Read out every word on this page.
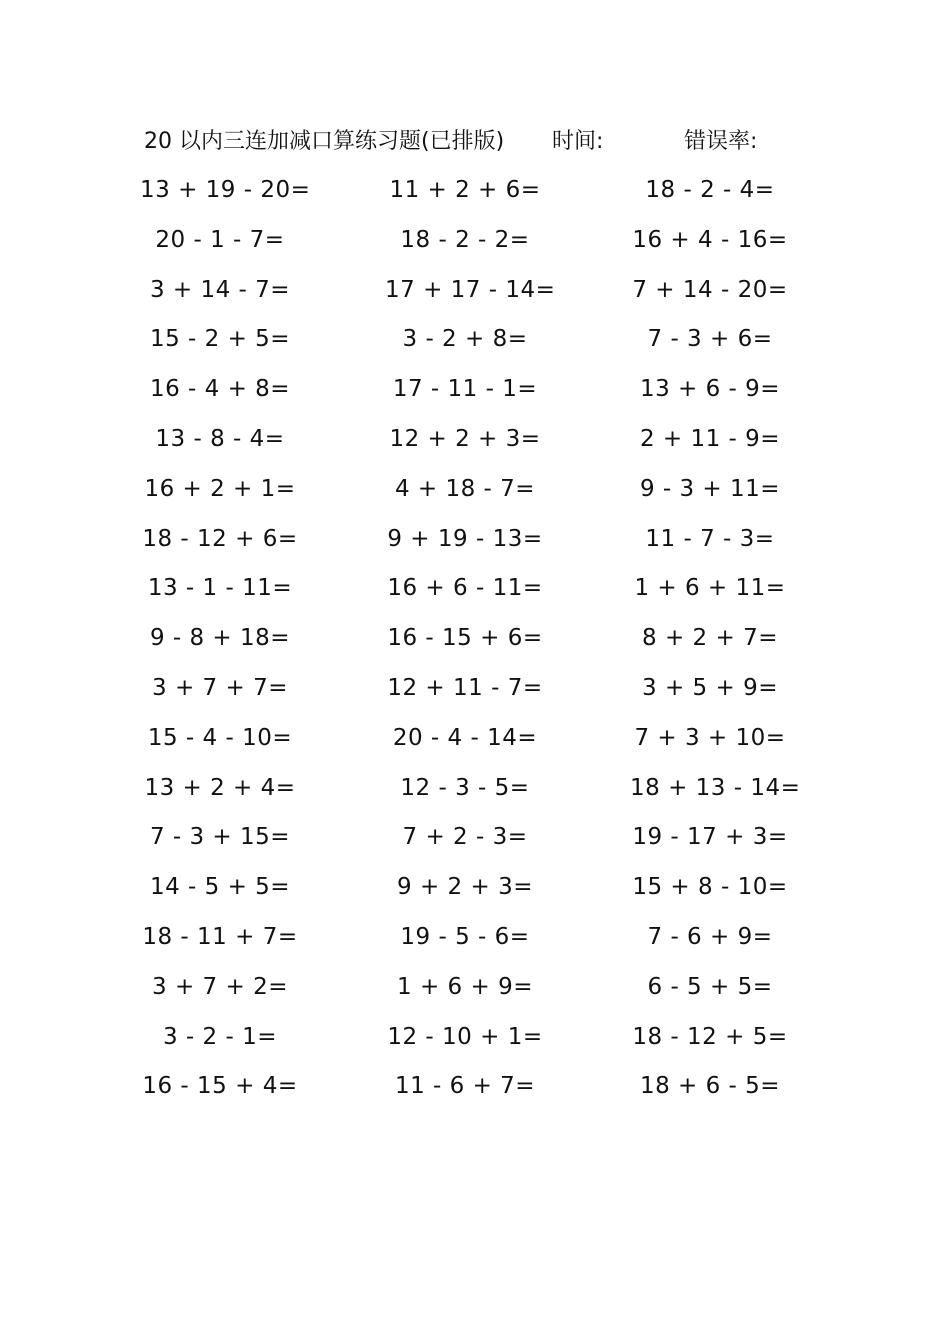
20 以内三连加减口算练习题(已排版) 时间:	错误率:
13 + 19 - 20=	11 + 2 + 6=	18 - 2 - 4=
20 - 1 - 7=	18 - 2 - 2=	16 + 4 - 16=
3 + 14 - 7=	17 + 17 - 14=	7 + 14 - 20=
15 - 2 + 5=	3 - 2 + 8=	7 - 3 + 6=
16 - 4 + 8=	17 - 11 - 1=	13 + 6 - 9=
13 - 8 - 4=	12 + 2 + 3=	2 + 11 - 9=
16 + 2 + 1=	4 + 18 - 7=	9 - 3 + 11=
18 - 12 + 6=	9 + 19 - 13=	11 - 7 - 3=
13 - 1 - 11=	16 + 6 - 11=	1 + 6 + 11=
9 - 8 + 18=	16 - 15 + 6=	8 + 2 + 7=
3 + 7 + 7=	12 + 11 - 7=	3 + 5 + 9=
15 - 4 - 10=	20 - 4 - 14=	7 + 3 + 10=
13 + 2 + 4=	12 - 3 - 5=	18 + 13 - 14=
7 - 3 + 15=	7 + 2 - 3=	19 - 17 + 3=
14 - 5 + 5=	9 + 2 + 3=	15 + 8 - 10=
18 - 11 + 7=	19 - 5 - 6=	7 - 6 + 9=
3 + 7 + 2=	1 + 6 + 9=	6 - 5 + 5=
3 - 2 - 1=	12 - 10 + 1=	18 - 12 + 5=
16 - 15 + 4=	11 - 6 + 7=	18 + 6 - 5=
